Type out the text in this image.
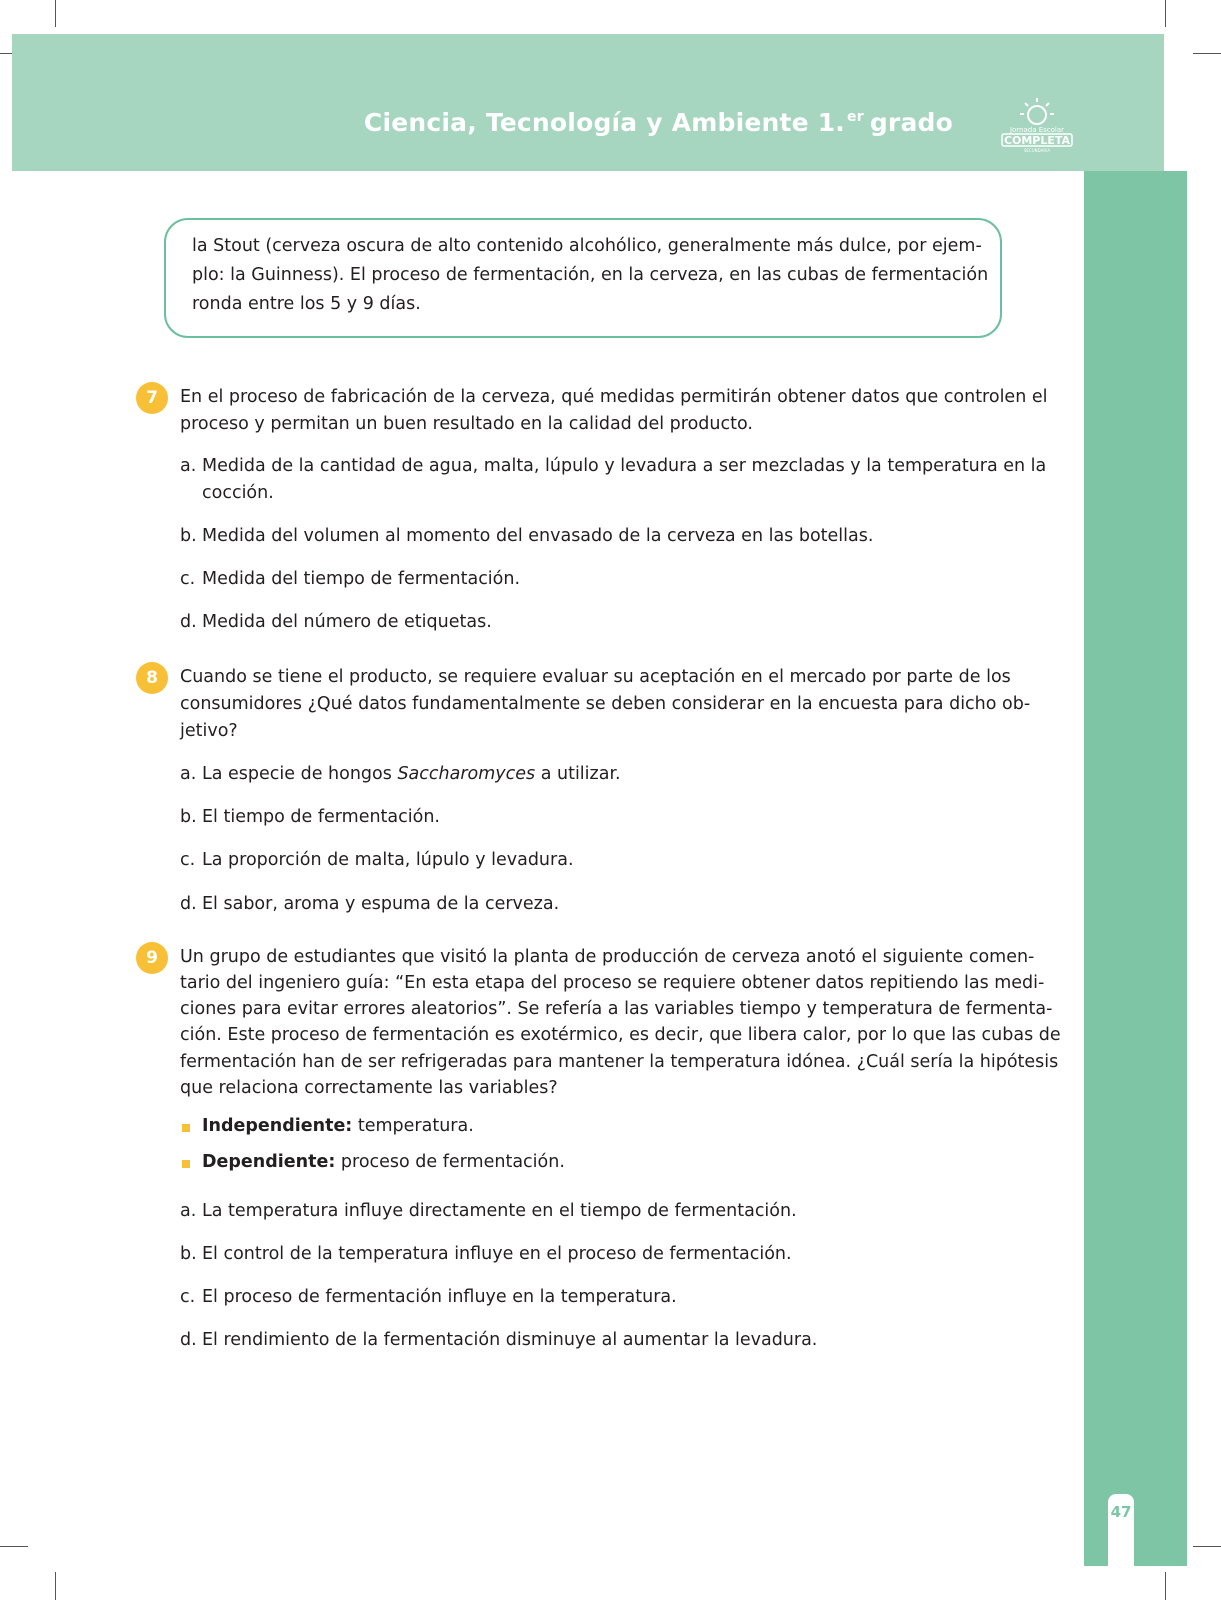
Ciencia, Tecnología y Ambiente 1. $^{er}$ grado	Jornada Escolar
COMPLETA
SECUNDARIA
47
la Stout (cerveza oscura de alto contenido alcohólico, generalmente más dulce, por ejem-
plo: la Guinness). El proceso de fermentación, en la cerveza, en las cubas de fermentación
ronda entre los 5 y 9 días.
7	En el proceso de fabricación de la cerveza, qué medidas permitirán obtener datos que controlen el
proceso y permitan un buen resultado en la calidad del producto.
a. Medida de la cantidad de agua, malta, lúpulo y levadura a ser mezcladas y la temperatura en la
cocción.
b. Medida del volumen al momento del envasado de la cerveza en las botellas.
c. Medida del tiempo de fermentación.
d. Medida del número de etiquetas.
8	Cuando se tiene el producto, se requiere evaluar su aceptación en el mercado por parte de los
consumidores ¿Qué datos fundamentalmente se deben considerar en la encuesta para dicho ob-
jetivo?
a. La especie de hongos Saccharomyces a utilizar.
b. El tiempo de fermentación.
c. La proporción de malta, lúpulo y levadura.
d. El sabor, aroma y espuma de la cerveza.
9	Un grupo de estudiantes que visitó la planta de producción de cerveza anotó el siguiente comen-
tario del ingeniero guía: “En esta etapa del proceso se requiere obtener datos repitiendo las medi-
ciones para evitar errores aleatorios”. Se refería a las variables tiempo y temperatura de fermenta-
ción. Este proceso de fermentación es exotérmico, es decir, que libera calor, por lo que las cubas de
fermentación han de ser refrigeradas para mantener la temperatura idónea. ¿Cuál sería la hipótesis
que relaciona correctamente las variables?
Independiente: temperatura.
Dependiente: proceso de fermentación.
a. La temperatura influye directamente en el tiempo de fermentación.
b. El control de la temperatura influye en el proceso de fermentación.
c. El proceso de fermentación influye en la temperatura.
d. El rendimiento de la fermentación disminuye al aumentar la levadura.
